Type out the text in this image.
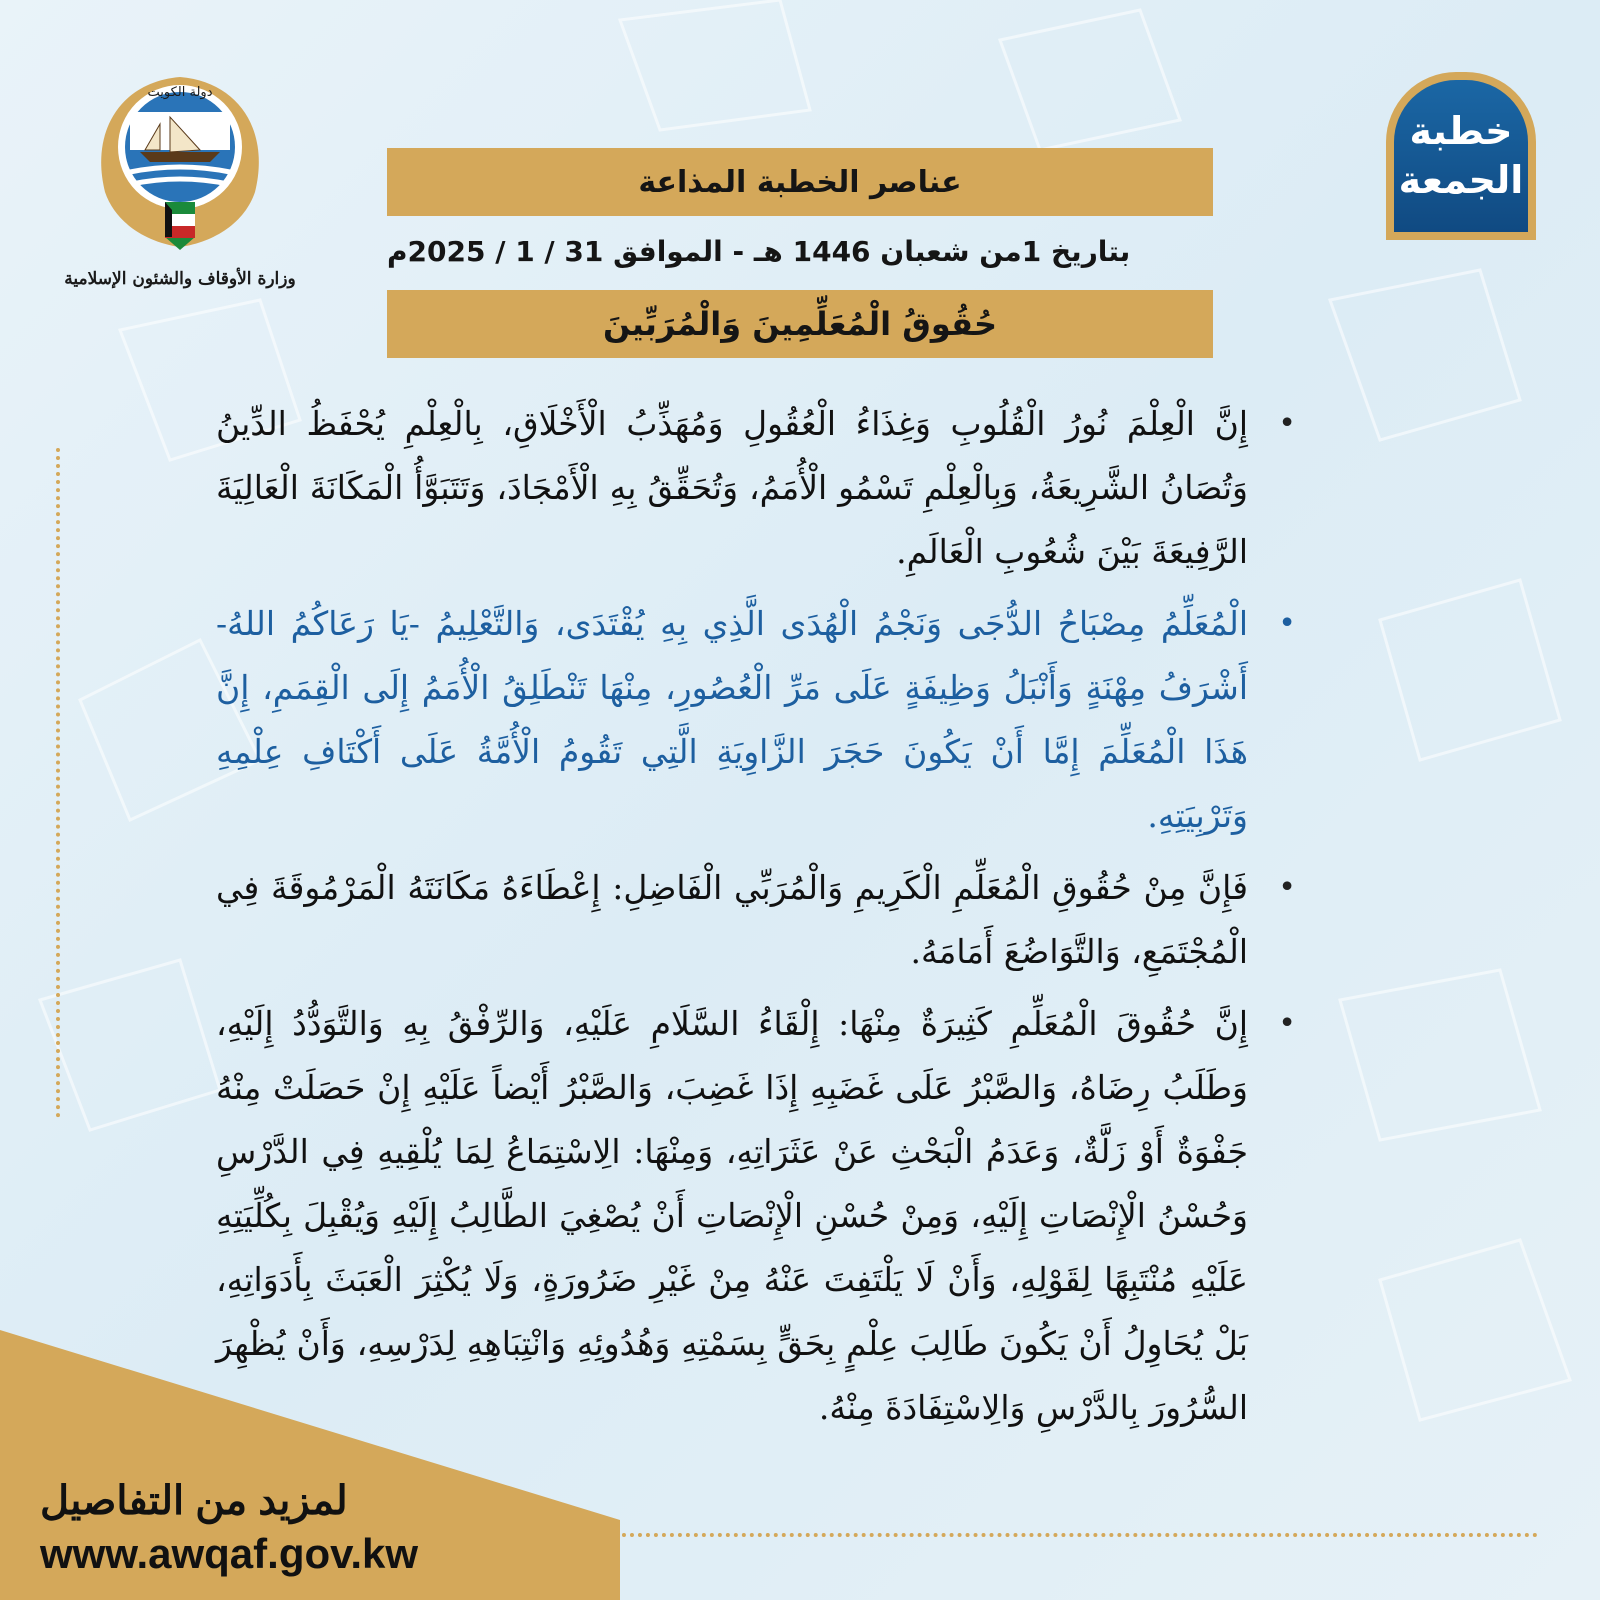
خطبة
الجمعة
دولة الكويت
وزارة الأوقاف والشئون الإسلامية
عناصر الخطبة المذاعة
بتاريخ 1من شعبان 1446 هـ - الموافق 31 / 1 / 2025م
حُقُوقُ الْمُعَلِّمِينَ وَالْمُرَبِّينَ
• إِنَّ الْعِلْمَ نُورُ الْقُلُوبِ وَغِذَاءُ الْعُقُولِ وَمُهَذِّبُ الْأَخْلَاقِ، بِالْعِلْمِ يُحْفَظُ الدِّينُ وَتُصَانُ الشَّرِيعَةُ، وَبِالْعِلْمِ تَسْمُو الْأُمَمُ، وَتُحَقِّقُ بِهِ الْأَمْجَادَ، وَتَتَبَوَّأُ الْمَكَانَةَ الْعَالِيَةَ الرَّفِيعَةَ بَيْنَ شُعُوبِ الْعَالَمِ.
• الْمُعَلِّمُ مِصْبَاحُ الدُّجَى وَنَجْمُ الْهُدَى الَّذِي بِهِ يُقْتَدَى، وَالتَّعْلِيمُ -يَا رَعَاكُمُ اللهُ- أَشْرَفُ مِهْنَةٍ وَأَنْبَلُ وَظِيفَةٍ عَلَى مَرِّ الْعُصُورِ، مِنْهَا تَنْطَلِقُ الْأُمَمُ إِلَى الْقِمَمِ، إِنَّ هَذَا الْمُعَلِّمَ إِمَّا أَنْ يَكُونَ حَجَرَ الزَّاوِيَةِ الَّتِي تَقُومُ الْأُمَّةُ عَلَى أَكْتَافِ عِلْمِهِ وَتَرْبِيَتِهِ.
• فَإِنَّ مِنْ حُقُوقِ الْمُعَلِّمِ الْكَرِيمِ وَالْمُرَبِّي الْفَاضِلِ: إِعْطَاءَهُ مَكَانَتَهُ الْمَرْمُوقَةَ فِي الْمُجْتَمَعِ، وَالتَّوَاضُعَ أَمَامَهُ.
• إِنَّ حُقُوقَ الْمُعَلِّمِ كَثِيرَةٌ مِنْهَا: إِلْقَاءُ السَّلَامِ عَلَيْهِ، وَالرِّفْقُ بِهِ وَالتَّوَدُّدُ إِلَيْهِ، وَطَلَبُ رِضَاهُ، وَالصَّبْرُ عَلَى غَضَبِهِ إِذَا غَضِبَ، وَالصَّبْرُ أَيْضاً عَلَيْهِ إِنْ حَصَلَتْ مِنْهُ جَفْوَةٌ أَوْ زَلَّةٌ، وَعَدَمُ الْبَحْثِ عَنْ عَثَرَاتِهِ، وَمِنْهَا: الِاسْتِمَاعُ لِمَا يُلْقِيهِ فِي الدَّرْسِ وَحُسْنُ الْإِنْصَاتِ إِلَيْهِ، وَمِنْ حُسْنِ الْإِنْصَاتِ أَنْ يُصْغِيَ الطَّالِبُ إِلَيْهِ وَيُقْبِلَ بِكُلِّيَتِهِ عَلَيْهِ مُنْتَبِهًا لِقَوْلِهِ، وَأَنْ لَا يَلْتَفِتَ عَنْهُ مِنْ غَيْرِ ضَرُورَةٍ، وَلَا يُكْثِرَ الْعَبَثَ بِأَدَوَاتِهِ، بَلْ يُحَاوِلُ أَنْ يَكُونَ طَالِبَ عِلْمٍ بِحَقٍّ بِسَمْتِهِ وَهُدُوئِهِ وَانْتِبَاهِهِ لِدَرْسِهِ، وَأَنْ يُظْهِرَ السُّرُورَ بِالدَّرْسِ وَالِاسْتِفَادَةَ مِنْهُ.
لمزيد من التفاصيل
www.awqaf.gov.kw
